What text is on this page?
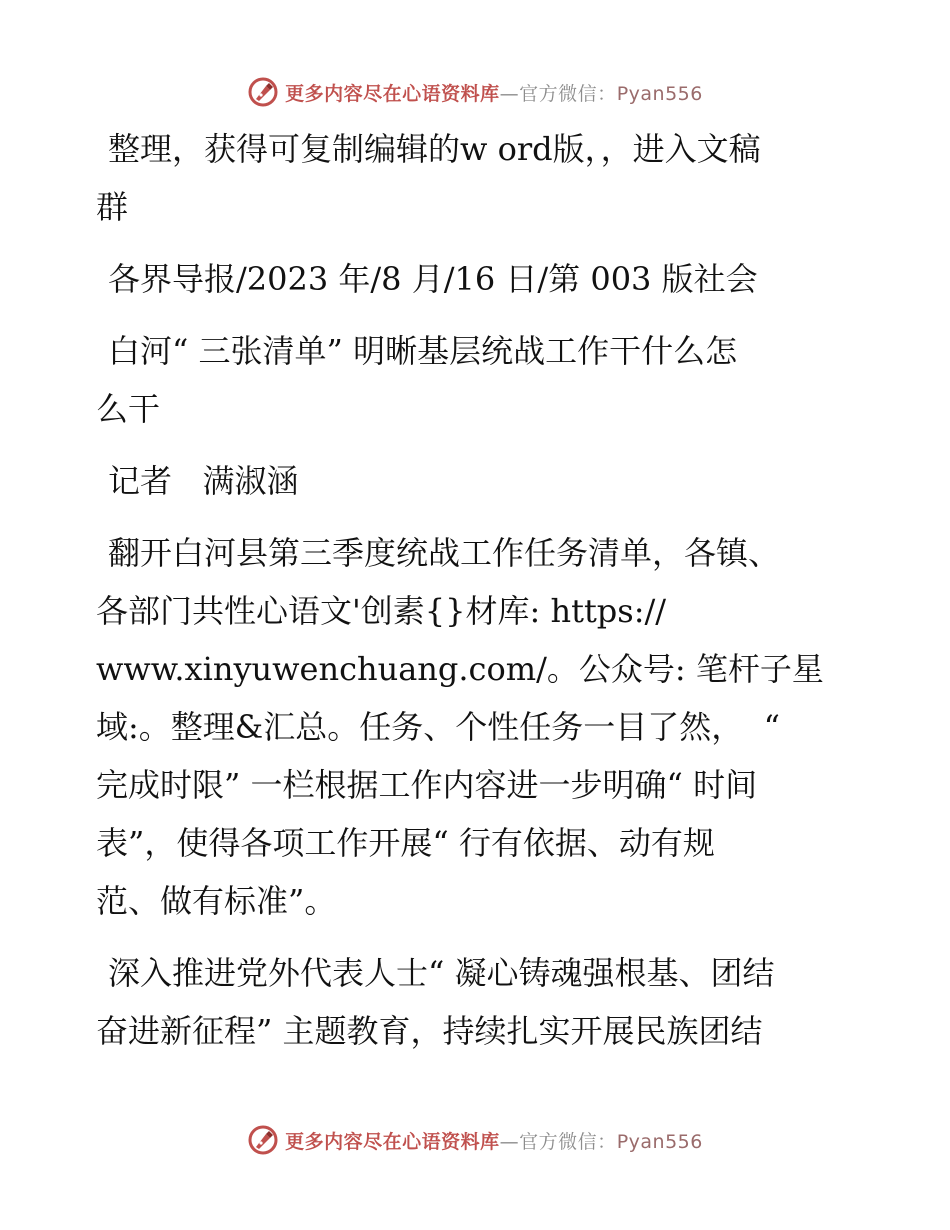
更多内容尽在心语资料库—官方微信：Pyan556

整理，获得可复制编辑的w ord版，，进入文稿
群

各界导报/2023 年/8 月/16 日/第 003 版社会

白河“ 三张清单” 明晰基层统战工作干什么怎
么干

记者   满淑涵

翻开白河县第三季度统战工作任务清单，各镇、
各部门共性心语文'创素{}材库: https://
www.xinyuwenchuang.com/。公众号: 笔杆子星
域:。整理&汇总。任务、个性任务一目了然，  “
完成时限” 一栏根据工作内容进一步明确“ 时间
表”，使得各项工作开展“ 行有依据、动有规
范、做有标准”。

深入推进党外代表人士“ 凝心铸魂强根基、团结
奋进新征程” 主题教育，持续扎实开展民族团结

更多内容尽在心语资料库—官方微信：Pyan556
